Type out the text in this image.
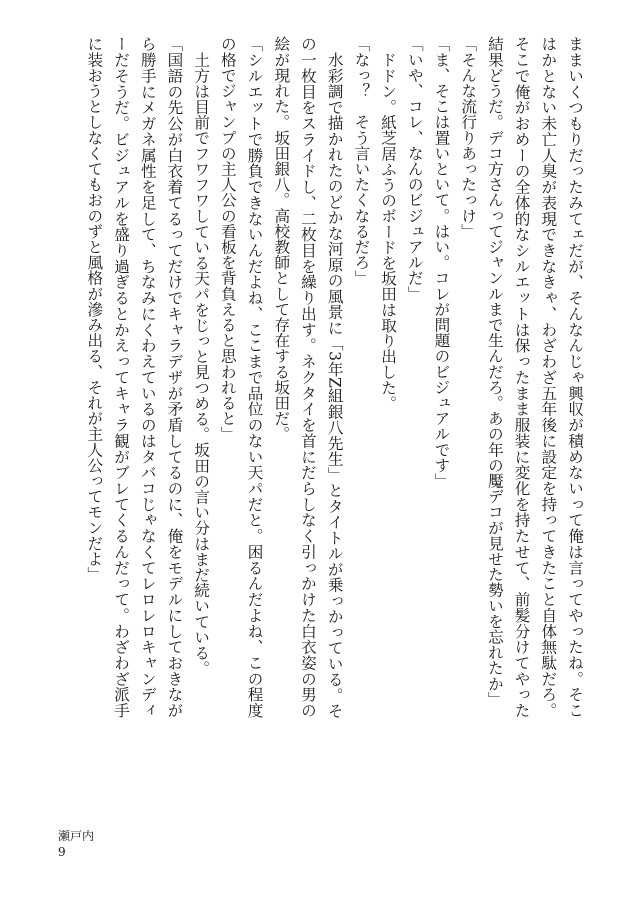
ままいくつもりだったみてェだが、そんなんじゃ興収が積めないって俺は言ってやったね。そこはかとない未亡人臭が表現できなきゃ、わざわざ五年後に設定を持ってきたこと自体無駄だろ。そこで俺がおめーの全体的なシルエットは保ったまま服装に変化を持たせて、前髪分けてやった結果どうだ。デコ方さんってジャンルまで生んだろ。あの年の魘デコが見せた勢いを忘れたか」

「そんな流行りあったっけ」

「ま、そこは置いといて。はい。コレが問題のビジュアルです」

「いや、コレ、なんのビジュアルだ」

ドドン。紙芝居ふうのボードを坂田は取り出した。

「なっ？　そう言いたくなるだろ」

水彩調で描かれたのどかな河原の風景に「3年Z組銀八先生」とタイトルが乗っかっている。その一枚目をスライドし、二枚目を繰り出す。ネクタイを首にだらしなく引っかけた白衣姿の男の絵が現れた。坂田銀八。高校教師として存在する坂田だ。

「シルエットで勝負できないんだよね、ここまで品位のない天パだと。困るんだよね、この程度の格でジャンプの主人公の看板を背負えると思われると」

土方は目前でフワフワしている天パをじっと見つめる。坂田の言い分はまだ続いている。

「国語の先公が白衣着てるってだけでキャラデザが矛盾してるのに、俺をモデルにしておきながら勝手にメガネ属性を足して、ちなみにくわえているのはタバコじゃなくてレロレロキャンディーだそうだ。ビジュアルを盛り過ぎるとかえってキャラ観がブレてくるんだって。わざわざ派手に装おうとしなくてもおのずと風格が滲み出る、それが主人公ってモンだよ」

瀬戸内
9
